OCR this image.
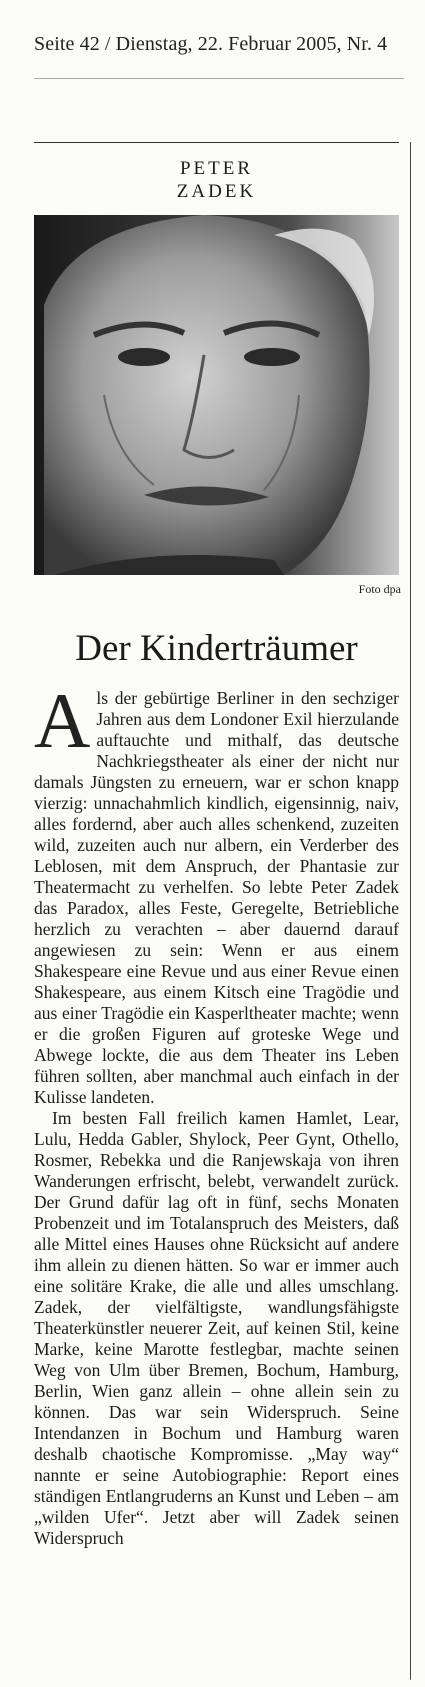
Seite 42 / Dienstag, 22. Februar 2005, Nr. 4
PETER
ZADEK
Foto dpa
Der Kinderträumer

Als der gebürtige Berliner in den sechziger Jahren aus dem Londoner Exil hierzulande auftauchte und mithalf, das deutsche Nachkriegstheater als einer der nicht nur damals Jüngsten zu erneuern, war er schon knapp vierzig: unnachahmlich kindlich, eigensinnig, naiv, alles fordernd, aber auch alles schenkend, zuzeiten wild, zuzeiten auch nur albern, ein Verderber des Leblosen, mit dem Anspruch, der Phantasie zur Theatermacht zu verhelfen. So lebte Peter Zadek das Paradox, alles Feste, Geregelte, Betriebliche herzlich zu verachten – aber dauernd darauf angewiesen zu sein: Wenn er aus einem Shakespeare eine Revue und aus einer Revue einen Shakespeare, aus einem Kitsch eine Tragödie und aus einer Tragödie ein Kasperltheater machte; wenn er die großen Figuren auf groteske Wege und Abwege lockte, die aus dem Theater ins Leben führen sollten, aber manchmal auch einfach in der Kulisse landeten.

Im besten Fall freilich kamen Hamlet, Lear, Lulu, Hedda Gabler, Shylock, Peer Gynt, Othello, Rosmer, Rebekka und die Ranjewskaja von ihren Wanderungen erfrischt, belebt, verwandelt zurück. Der Grund dafür lag oft in fünf, sechs Monaten Probenzeit und im Totalanspruch des Meisters, daß alle Mittel eines Hauses ohne Rücksicht auf andere ihm allein zu dienen hätten. So war er immer auch eine solitäre Krake, die alle und alles umschlang. Zadek, der vielfältigste, wandlungsfähigste Theaterkünstler neuerer Zeit, auf keinen Stil, keine Marke, keine Marotte festlegbar, machte seinen Weg von Ulm über Bremen, Bochum, Hamburg, Berlin, Wien ganz allein – ohne allein sein zu können. Das war sein Widerspruch. Seine Intendanzen in Bochum und Hamburg waren deshalb chaotische Kompromisse. „May way“ nannte er seine Autobiographie: Report eines ständigen Entlangruderns an Kunst und Leben – am „wilden Ufer“. Jetzt aber will Zadek seinen Widerspruch
